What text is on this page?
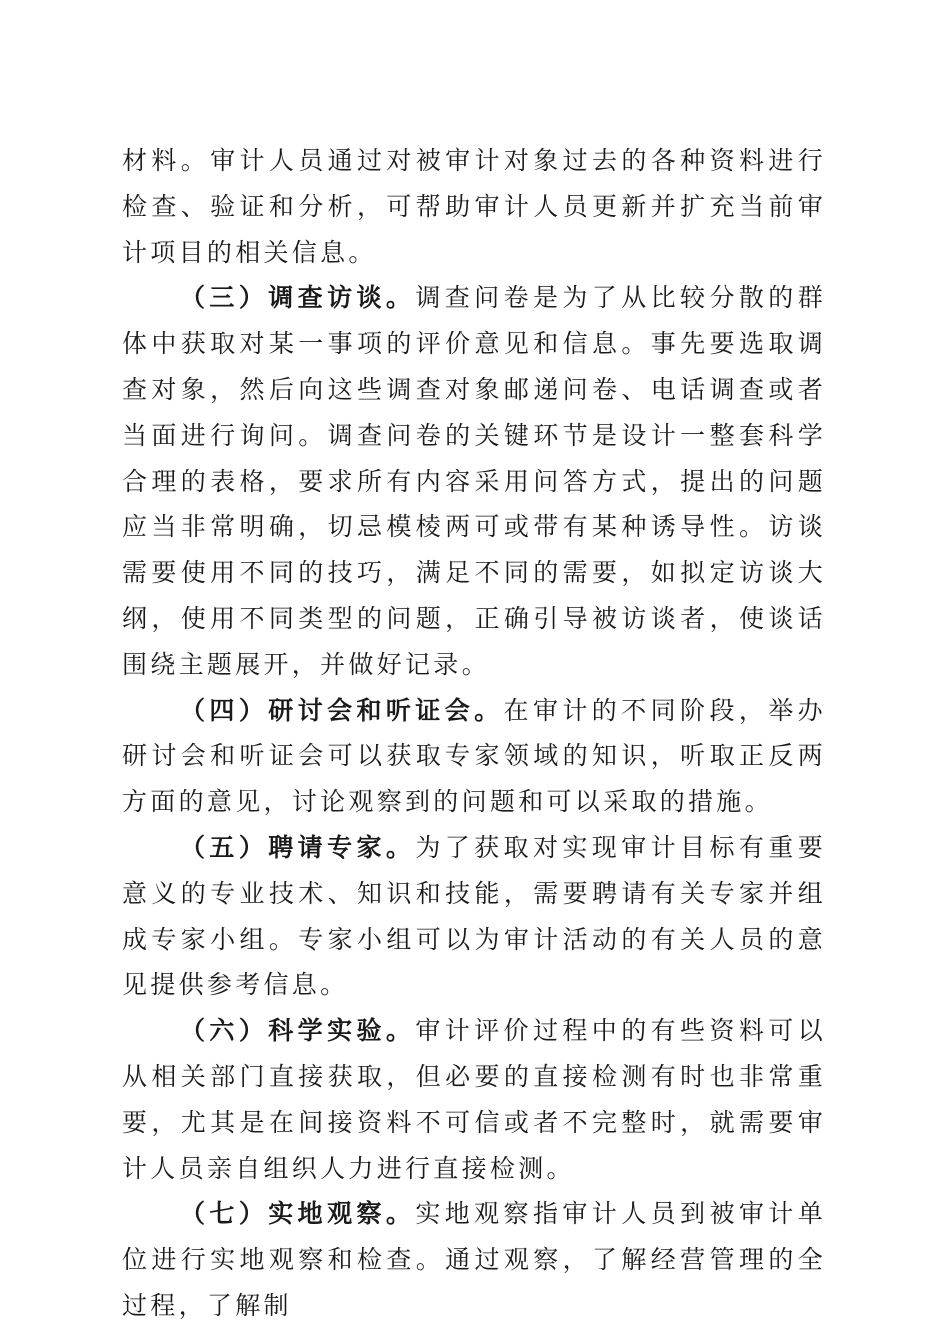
材料。审计人员通过对被审计对象过去的各种资料进行检查、验证和分析，可帮助审计人员更新并扩充当前审计项目的相关信息。

（三）调查访谈。调查问卷是为了从比较分散的群体中获取对某一事项的评价意见和信息。事先要选取调查对象，然后向这些调查对象邮递问卷、电话调查或者当面进行询问。调查问卷的关键环节是设计一整套科学合理的表格，要求所有内容采用问答方式，提出的问题应当非常明确，切忌模棱两可或带有某种诱导性。访谈需要使用不同的技巧，满足不同的需要，如拟定访谈大纲，使用不同类型的问题，正确引导被访谈者，使谈话围绕主题展开，并做好记录。

（四）研讨会和听证会。在审计的不同阶段，举办研讨会和听证会可以获取专家领域的知识，听取正反两方面的意见，讨论观察到的问题和可以采取的措施。

（五）聘请专家。为了获取对实现审计目标有重要意义的专业技术、知识和技能，需要聘请有关专家并组成专家小组。专家小组可以为审计活动的有关人员的意见提供参考信息。

（六）科学实验。审计评价过程中的有些资料可以从相关部门直接获取，但必要的直接检测有时也非常重要，尤其是在间接资料不可信或者不完整时，就需要审计人员亲自组织人力进行直接检测。

（七）实地观察。实地观察指审计人员到被审计单位进行实地观察和检查。通过观察，了解经营管理的全过程，了解制
